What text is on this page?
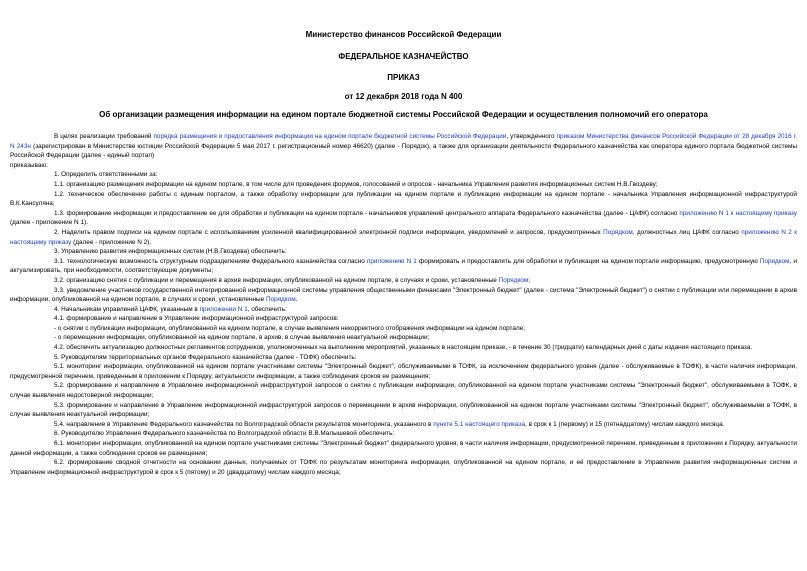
Министерство финансов Российской Федерации
ФЕДЕРАЛЬНОЕ КАЗНАЧЕЙСТВО
ПРИКАЗ
от 12 декабря 2018 года N 400
Об организации размещения информации на едином портале бюджетной системы Российской Федерации и осуществления полномочий его оператора

В целях реализации требований порядка размещения и предоставления информации на едином портале бюджетной системы Российской Федерации, утвержденного приказом Министерства финансов Российской Федерации от 28 декабря 2016 г. N 243н (зарегистрирован в Министерстве юстиции Российской Федерации 5 мая 2017 г. регистрационный номер 46620) (далее - Порядок), а также для организации деятельности Федерального казначейства как оператора единого портала бюджетной системы Российской Федерации (далее - единый портал)

приказываю:

1. Определить ответственными за:

1.1. организацию размещения информации на едином портале, в том числе для проведения форумов, голосований и опросов - начальника Управления развития информационных систем Н.В.Гвоздеву;

1.2. техническое обеспечение работы с единым порталом, а также обработку информации для публикации на едином портале и публикацию информации на едином портале - начальника Управления информационной инфраструктурой В.К.Кансуляна;

1.3. формирование информации и предоставление ее для обработки и публикации на едином портале - начальников управлений центрального аппарата Федерального казначейства (далее - ЦАФК) согласно приложению N 1 к настоящему приказу (далее - приложение N 1).

2. Наделить правом подписи на едином портале с использованием усиленной квалифицированной электронной подписи информации, уведомлений и запросов, предусмотренных Порядком, должностных лиц ЦАФК согласно приложению N 2 к настоящему приказу (далее - приложение N 2).

3. Управлению развития информационных систем (Н.В.Гвоздева) обеспечить:

3.1. технологическую возможность структурным подразделениям Федерального казначейства согласно приложению N 1 формировать и предоставлять для обработки и публикации на едином портале информацию, предусмотренную Порядком, и актуализировать, при необходимости, соответствующие документы;

3.2. организацию снятия с публикации и перемещения в архив информации, опубликованной на едином портале, в случаях и сроки, установленные Порядком;

3.3. уведомление участников государственной интегрированной информационной системы управления общественными финансами "Электронный бюджет" (далее - система "Электронный бюджет") о снятии с публикации или перемещении в архив информации, опубликованной на едином портале, в случаях и сроки, установленные Порядком.

4. Начальникам управлений ЦАФК, указанным в приложении N 1, обеспечить:

4.1. формирование и направление в Управление информационной инфраструктурой запросов:

- о снятии с публикации информации, опубликованной на едином портале, в случае выявления некорректного отображения информации на едином портале;

- о перемещении информации, опубликованной на едином портале, в архив, в случае выявления неактуальной информации;

4.2. обеспечить актуализацию должностных регламентов сотрудников, уполномоченных на выполнение мероприятий, указанных в настоящем приказе, - в течение 30 (тридцати) календарных дней с даты издания настоящего приказа.

5. Руководителям территориальных органов Федерального казначейства (далее - ТОФК) обеспечить:

5.1. мониторинг информации, опубликованной на едином портале участниками системы "Электронный бюджет", обслуживаемыми в ТОФК, за исключением федерального уровня (далее - обслуживаемые в ТОФК), в части наличия информации, предусмотренной перечнем, приведенным в приложении к Порядку, актуальности информации, а также соблюдения сроков ее размещения;

5.2. формирование и направление в Управление информационной инфраструктурой запросов о снятии с публикации информации, опубликованной на едином портале участниками системы "Электронный бюджет", обслуживаемыми в ТОФК, в случае выявления недостоверной информации;

5.3. формирование и направление в Управление информационной инфраструктурой запросов о перемещении в архив информации, опубликованной на едином портале участниками системы "Электронный бюджет", обслуживаемыми в ТОФК, в случае выявления неактуальной информации;

5.4. направление в Управление Федерального казначейства по Волгоградской области результатов мониторинга, указанного в пункте 5.1 настоящего приказа, в срок к 1 (первому) и 15 (пятнадцатому) числам каждого месяца.

6. Руководителю Управления Федерального казначейства по Волгоградской области В.В.Малышевой обеспечить:

6.1. мониторинг информации, опубликованной на едином портале участниками системы "Электронный бюджет" федерального уровня, в части наличия информации, предусмотренной перечнем, приведенным в приложении к Порядку, актуальности данной информации, а также соблюдения сроков ее размещения;

6.2. формирование сводной отчетности на основании данных, получаемых от ТОФК по результатам мониторинга информации, опубликованной на едином портале, и её предоставление в Управление развития информационных систем и Управление информационной инфраструктурой в срок к 5 (пятому) и 20 (двадцатому) числам каждого месяца;
